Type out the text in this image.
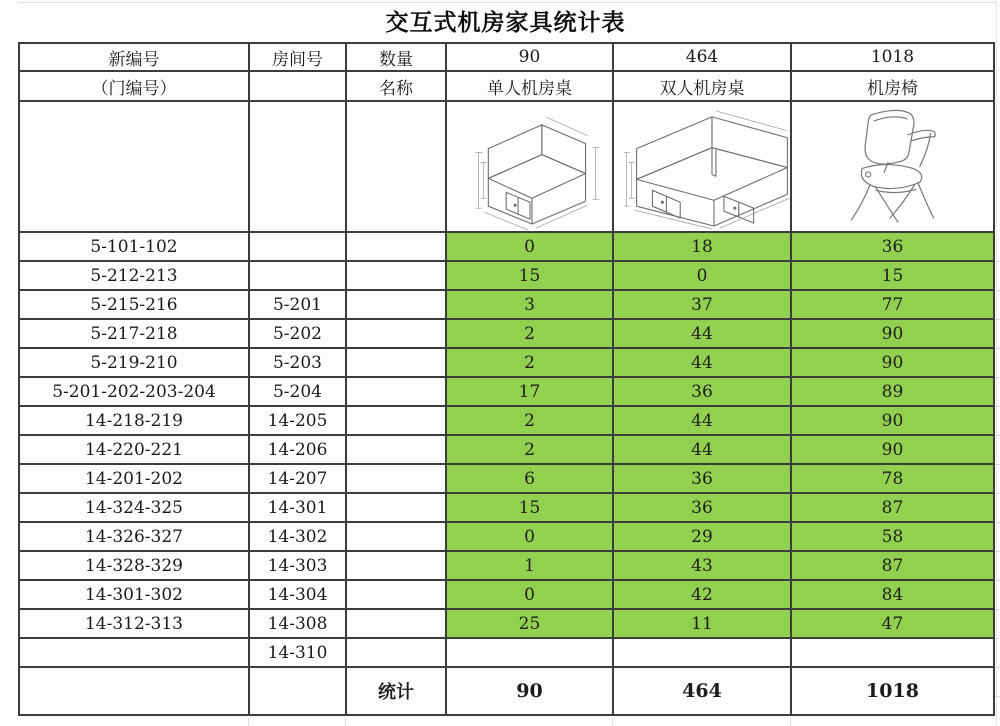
交互式机房家具统计表
新编号	房间号	数量	90	464	1018
（门编号）		名称	单人机房桌	双人机房桌	机房椅

5-101-102			0	18	36
5-212-213			15	0	15
5-215-216	5-201		3	37	77
5-217-218	5-202		2	44	90
5-219-210	5-203		2	44	90
5-201-202-203-204	5-204		17	36	89
14-218-219	14-205		2	44	90
14-220-221	14-206		2	44	90
14-201-202	14-207		6	36	78
14-324-325	14-301		15	36	87
14-326-327	14-302		0	29	58
14-328-329	14-303		1	43	87
14-301-302	14-304		0	42	84
14-312-313	14-308		25	11	47
	14-310				
		统计	90	464	1018
